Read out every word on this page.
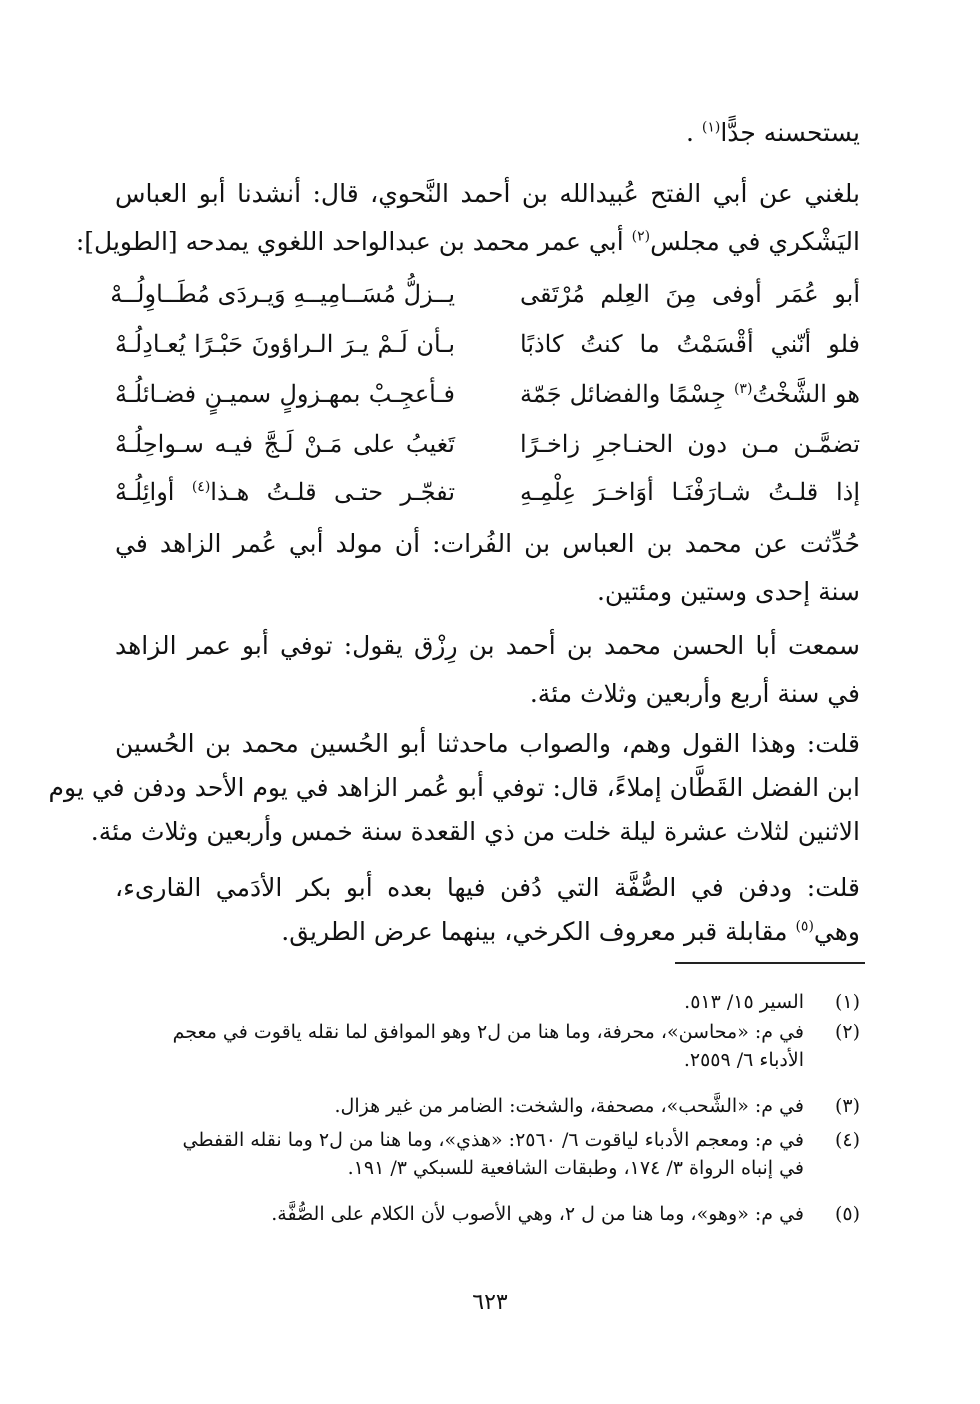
يستحسنه جدًّا$^{(١)}$ .

بلغني عن أبي الفتح عُبيدالله بن أحمد النَّحوي، قال: أنشدنا أبو العباس

اليَشْكري في مجلس$^{(٢)}$ أبي عمر محمد بن عبدالواحد اللغوي يمدحه [الطويل]:

أبو عُمَر أوفى مِنَ العِلم مُرْتَقى
يــزلُّ مُسَــامِيــهِ وَيـردَى مُطَــاوِلُــهْ
فلو أنّني أقْسَمْتُ ما كنتُ كاذبًا
بـأن لَـمْ يـرَ الـراؤونَ حَبْـرًا يُعـادِلُـهْ
هو الشَّخْتُ$^{(٣)}$ جِسْمًا والفضائل جَمّة
فـأعجِـبْ بمهـزولٍ سميـنٍ فضـائلُـهْ
تضمَّـن مـن دون الحنـاجرِ زاخـرًا
تَغيبُ على مَـنْ لَـجَّ فيـه سـواحِلُـهْ
إذا قلـتُ شـارَفْنَـا أوَاخـرَ عِلْمِـهِ
تفجّـر حتـى قلـتُ هـذا$^{(٤)}$ أوائِلُـهْ

حُدِّثت عن محمد بن العباس بن الفُرات: أن مولد أبي عُمر الزاهد في

سنة إحدى وستين ومئتين.

سمعت أبا الحسن محمد بن أحمد بن رِزْق يقول: توفي أبو عمر الزاهد

في سنة أربع وأربعين وثلاث مئة.

قلت: وهذا القول وهم، والصواب ماحدثنا أبو الحُسين محمد بن الحُسين

ابن الفضل القَطَّان إملاءً، قال: توفي أبو عُمر الزاهد في يوم الأحد ودفن في يوم

الاثنين لثلاث عشرة ليلة خلت من ذي القعدة سنة خمس وأربعين وثلاث مئة.

قلت: ودفن في الصُّفَّة التي دُفن فيها بعده أبو بكر الأدَمي القارىء،

وهي$^{(٥)}$ مقابلة قبر معروف الكرخي، بينهما عرض الطريق.

(١)السير ١٥/ ٥١٣.
(٢)في م: «محاسن»، محرفة، وما هنا من ل٢ وهو الموافق لما نقله ياقوت في معجم
الأدباء ٦/ ٢٥٥٩.
(٣)في م: «الشَّحب»، مصحفة، والشخت: الضامر من غير هزال.
(٤)في م: ومعجم الأدباء لياقوت ٦/ ٢٥٦٠: «هذي»، وما هنا من ل٢ وما نقله القفطي
في إنباه الرواة ٣/ ١٧٤، وطبقات الشافعية للسبكي ٣/ ١٩١.
(٥)في م: «وهو»، وما هنا من ل ٢، وهي الأصوب لأن الكلام على الصُّفَّة.
٦٢٣
